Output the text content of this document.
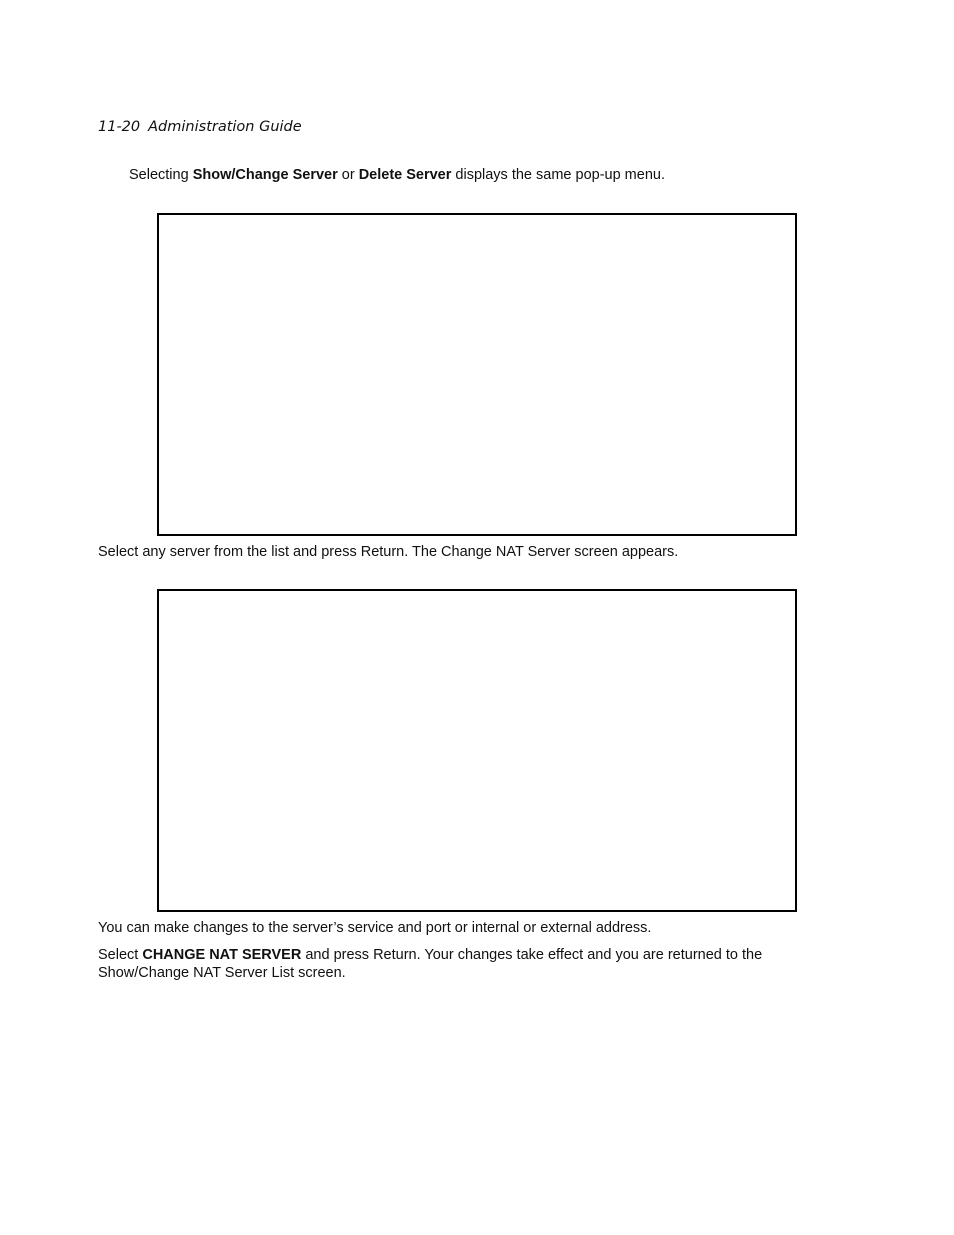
11-20 Administration Guide
Selecting Show/Change Server or Delete Server displays the same pop-up menu.
Select any server from the list and press Return. The Change NAT Server screen appears.
You can make changes to the server’s service and port or internal or external address.
Select CHANGE NAT SERVER and press Return. Your changes take effect and you are returned to the Show/Change NAT Server List screen.
